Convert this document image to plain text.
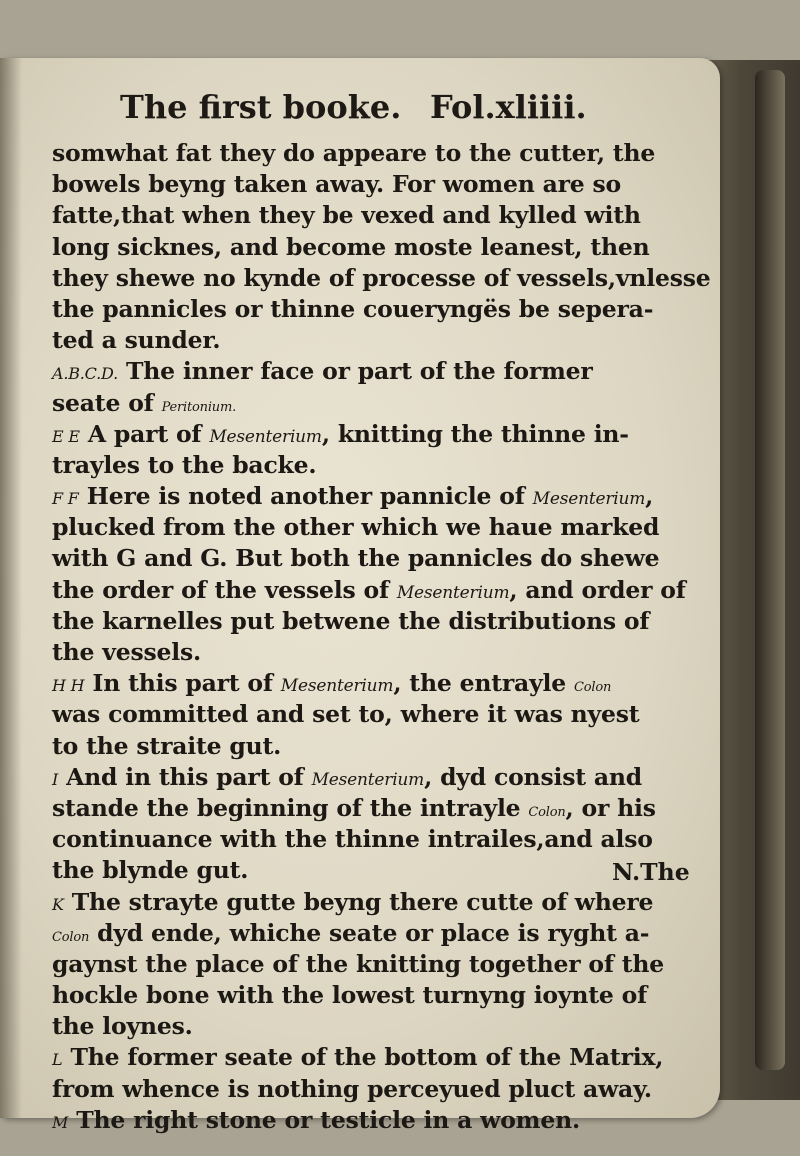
The first booke. Fol.xliiii.
somwhat fat they do appeare to the cutter, the
bowels beyng taken away. For women are so
fatte,that when they be vexed and kylled with
long sicknes, and become moste leanest, then
they shewe no kynde of processe of vessels,vnlesse
the pannicles or thinne coueryngës be sepera-
ted a sunder.
A.B.C.D. The inner face or part of the former
seate of Peritonium.
E E A part of Mesenterium, knitting the thinne in-
trayles to the backe.
F F Here is noted another pannicle of Mesenterium,
plucked from the other which we haue marked
with G and G. But both the pannicles do shewe
the order of the vessels of Mesenterium, and order of
the karnelles put betwene the distributions of
the vessels.
H H In this part of Mesenterium, the entrayle Colon
was committed and set to, where it was nyest
to the straite gut.
I And in this part of Mesenterium, dyd consist and
stande the beginning of the intrayle Colon, or his
continuance with the thinne intrailes,and also
the blynde gut.
K The strayte gutte beyng there cutte of where
Colon dyd ende, whiche seate or place is ryght a-
gaynst the place of the knitting together of the
hockle bone with the lowest turnyng ioynte of
the loynes.
L The former seate of the bottom of the Matrix,
from whence is nothing perceyued pluct away.
M The right stone or testicle in a women.
N.The
